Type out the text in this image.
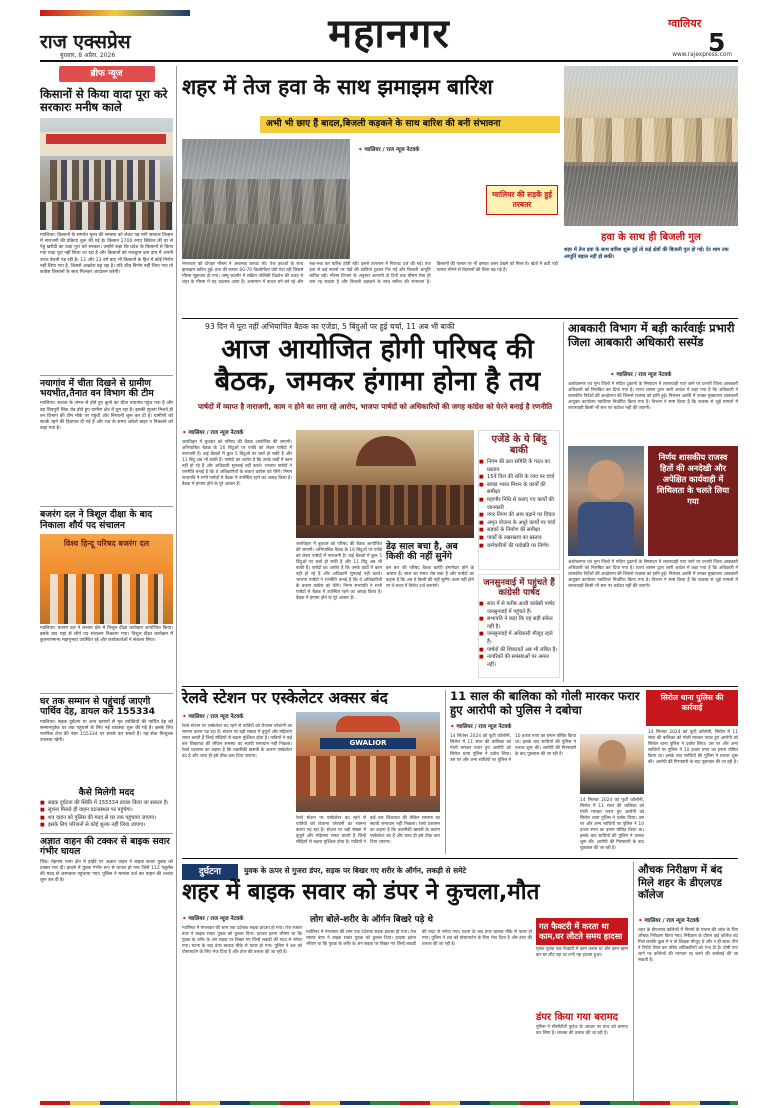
राज एक्सप्रेस
बुधवार, 8 अप्रैल, 2026	महानगर	www.rajexpress.com
ग्वालियर
5
ब्रीफ न्यूज
किसानों से किया वादा पूरा करे सरकारः मनीष काले
ग्वालियर। किसानों के समर्थन मूल्य की समस्या को लेकर यह मांगें सरकार तिल्हन में नाराजगी की प्रक्रिया शुरू की गई है। किसान 2700 रुपए क्विंटल की दर से गेहूं खरीदी का वादा पूरा करे सरकार। उन्होंने कहा कि प्रदेश के किसानों से किया गया वादा पूरा नहीं किया जा रहा है और किसानों को मजबूरन कम दाम में अपनी उपज बेचनी पड़ रही है। 12 और 13 वर्ष बाद भी किसानों के हित में कोई निर्णय नहीं लिया गया है, जिससे आक्रोश बढ़ रहा है। यदि शीघ्र निर्णय नहीं लिया गया तो कांग्रेस किसानों के साथ मिलकर आंदोलन करेगी।
नयागांव में चीता दिखने से ग्रामीण भयभीत,तैनात वन विभाग की टीम
ग्वालियर। सटाक के जंगल से होते हुए कूनो का चीता नयागांव पहुंच गया है और वह शिवपुरी लिंक रोड होते हुए ग्रामीण क्षेत्र में घूम रहा है। इसकी सूचना मिलते ही वन विभाग की टीम मौके पर पहुंची और निगरानी शुरू कर दी है। ग्रामीणों को सतर्क रहने की हिदायत दी गई है और रात के समय अकेले बाहर न निकलने को कहा गया है।
बजरंग दल ने त्रिशूल दीक्षा के बाद निकाला शौर्य पद संचालन
विश्व हिन्दू परिषद बजरंग दल
ग्वालियर। बजरंग दल ने लश्कर क्षेत्र में त्रिशूल दीक्षा कार्यक्रम आयोजित किया। इसके बाद यहां से शौर्य पद संचालन निकाला गया। त्रिशूल दीक्षा कार्यक्रम में कुलगणमान्य महानुभाव उपस्थित रहे और कार्यकर्ताओं ने संकल्प लिया।
घर तक सम्मान से पहुंचाई जाएगी पार्थिव देह, डायल करें 155334
ग्वालियर। सड़क दुर्घटना या अन्य कारणों से मृत व्यक्तियों की पार्थिव देह को सम्मानपूर्वक घर तक पहुंचाने के लिए नई व्यवस्था शुरू की गई है। इसके लिए नागरिक टोल फ्री नंबर 155334 पर संपर्क कर सकते हैं। यह सेवा निःशुल्क उपलब्ध रहेगी।
कैसे मिलेगी मदद
■ सड़क दुर्घटना की स्थिति में 155334 डायल किया जा सकता है।
■ सूचना मिलते ही वाहन घटनास्थल पर पहुंचेगा।
■ शव वाहन को पुलिस की मदद से घर तक पहुंचाया जाएगा।
■ इसके लिए परिजनों से कोई शुल्क नहीं लिया जाएगा।
अज्ञात वाहन की टक्कर से बाइक सवार गंभीर घायल
भिंड। मेहगांव थाना क्षेत्र में हाईवे पर अज्ञात वाहन ने बाइक सवार युवक को टक्कर मार दी। हादसे में युवक गंभीर रूप से घायल हो गया जिसे 112 एंबुलेंस की मदद से अस्पताल पहुंचाया गया। पुलिस ने मामला दर्ज कर वाहन की तलाश शुरू कर दी है।
शहर में तेज हवा के साथ झमाझम बारिश
अभी भी छाए हैं बादल,बिजली कड़कने के साथ बारिश की बनी संभावना
✦ ग्वालियर / राज न्यूज नेटवर्क
मंगलवार को दोपहर मौसम ने अचानक करवट ली। तेज हवाओं के साथ झमाझम बारिश हुई। हवा की रफ्तार 60-70 किलोमीटर प्रति घंटा रही जिससे मौसम सुहावना हो गया। जम्मू कश्मीर में सक्रिय पश्चिमी विक्षोभ की वजह से शहर के मौसम में यह बदलाव आया है। आसमान में बादल घने बने रहे और रुक-रुक कर बारिश होती रही। इससे तापमान में गिरावट दर्ज की गई। तेज हवा से कई स्थानों पर पेड़ों की डालियां टूटकर गिर गईं और बिजली आपूर्ति बाधित रही। मौसम विभाग के अनुसार आगामी दो दिनों तक मौसम ऐसा ही बना रह सकता है और बिजली कड़कने के साथ बारिश की संभावना है। किसानों की फसल पर भी इसका असर देखने को मिला है। खेतों में कटी पड़ी फसल भीगने से किसानों की चिंता बढ़ गई है।
ग्वालियर की सड़कें हुई तरबतर
हवा के साथ ही बिजली गुल
शहर में तेज हवा के साथ बारिश शुरू हुई तो कई क्षेत्रों की बिजली गुल हो गई। देर शाम तक आपूर्ति बहाल नहीं हो सकी।
93 दिन में पूरा नहीं अभियाचित बैठक का एजेंडा, 5 बिंदुओं पर हुई चर्चा, 11 अब भी बाकी
आज आयोजित होगी परिषद की बैठक, जमकर हंगामा होना है तय
पार्षदों में व्याप्त है नाराजगी, काम न होने का लगा रहे आरोप, भाजपा पार्षदों को अधिकारियों की जगह कांग्रेस को घेरने बनाई है रणनीति
✦ ग्वालियर / राज न्यूज नेटवर्क
जलविहार में बुधवार को परिषद की बैठक आयोजित की जाएगी। अभियाचित बैठक के 16 बिंदुओं पर एजेंडे को लेकर पार्षदों में नाराजगी है। कई बैठकों में कुल 5 बिंदुओं पर चर्चा हो सकी है और 11 बिंदु अब भी बाकी हैं। पार्षदों का आरोप है कि उनके वार्डों में काम नहीं हो रहे हैं और अधिकारी सुनवाई नहीं करते। भाजपा पार्षदों ने रणनीति बनाई है कि वे अधिकारियों के बजाय कांग्रेस को घेरेंगे। निगम सभापति ने सभी पार्षदों से बैठक में उपस्थित रहने का आग्रह किया है। बैठक में हंगामा होने के पूरे आसार हैं।
जलविहार में बुधवार को परिषद की बैठक आयोजित की जाएगी। अभियाचित बैठक के 16 बिंदुओं पर एजेंडे को लेकर पार्षदों में नाराजगी है। कई बैठकों में कुल 5 बिंदुओं पर चर्चा हो सकी है और 11 बिंदु अब भी बाकी हैं। पार्षदों का आरोप है कि उनके वार्डों में काम नहीं हो रहे हैं और अधिकारी सुनवाई नहीं करते। भाजपा पार्षदों ने रणनीति बनाई है कि वे अधिकारियों के बजाय कांग्रेस को घेरेंगे। निगम सभापति ने सभी पार्षदों से बैठक में उपस्थित रहने का आग्रह किया है। बैठक में हंगामा होने के पूरे आसार हैं।
डेढ़ साल बचा है, अब किसी की नहीं सुनेंगे
इस बार की परिषद बैठक काफी हंगामेदार होने के आसार हैं। साल का समय शेष बचा है और पार्षदों का कहना है कि अब वे किसी की नहीं सुनेंगे। काम नहीं होने पर वे सदन में विरोध दर्ज कराएंगे।
एजेंडे के ये बिंदु बाकी
■ निगम की क्रय समिति के गठन का प्रस्ताव
■ 15वें वित्त की राशि के व्यय पर चर्चा
■ स्वच्छ भारत मिशन के कार्यों की समीक्षा
■ महापौर निधि से कराए गए कार्यों की जानकारी
■ नगर निगम की आय बढ़ाने पर विचार
■ अमृत योजना के अधूरे कार्यों पर चर्चा
■ सड़कों के निर्माण की समीक्षा
■ पार्कों के रखरखाव का प्रस्ताव
■ कर्मचारियों की पदोन्नति पर निर्णय
जनसुनवाई में पहुंचते हैं कांग्रेसी पार्षद
■ सात में से करीब आधी कांग्रेसी पार्षद जनसुनवाई में पहुंचते हैं।
■ सभापति ने कहा कि यह सही संकेत नहीं है।
■ जनसुनवाई में अधिकारी मौजूद रहते हैं।
■ पार्षदों की शिकायतें अब भी लंबित हैं।
■ नागरिकों की समस्याओं पर अमल नहीं।
आबकारी विभाग में बड़ी कार्रवाईः प्रभारी जिला आबकारी अधिकारी सस्पेंड
✦ ग्वालियर / राज न्यूज नेटवर्क
अशोकनगर एवं गुना जिलों में मदिरा दुकानों के निष्पादन में लापरवाही पाए जाने पर प्रभारी जिला आबकारी अधिकारी को निलंबित कर दिया गया है। राज्य शासन द्वारा जारी आदेश में कहा गया है कि अधिकारी ने शासकीय निर्देशों की अवहेलना की जिससे राजस्व को हानि हुई। निलंबन अवधि में उनका मुख्यालय आबकारी आयुक्त कार्यालय ग्वालियर निर्धारित किया गया है। विभाग ने स्पष्ट किया है कि राजस्व से जुड़े मामलों में लापरवाही किसी भी स्तर पर बर्दाश्त नहीं की जाएगी।
निर्णय शासकीय राजस्व हितों की अनदेखी और अपेक्षित कार्यवाही में शिथिलता के चलते लिया गया
अशोकनगर एवं गुना जिलों में मदिरा दुकानों के निष्पादन में लापरवाही पाए जाने पर प्रभारी जिला आबकारी अधिकारी को निलंबित कर दिया गया है। राज्य शासन द्वारा जारी आदेश में कहा गया है कि अधिकारी ने शासकीय निर्देशों की अवहेलना की जिससे राजस्व को हानि हुई। निलंबन अवधि में उनका मुख्यालय आबकारी आयुक्त कार्यालय ग्वालियर निर्धारित किया गया है। विभाग ने स्पष्ट किया है कि राजस्व से जुड़े मामलों में लापरवाही किसी भी स्तर पर बर्दाश्त नहीं की जाएगी।
रेलवे स्टेशन पर एस्केलेटर अक्सर बंद
✦ ग्वालियर / राज न्यूज नेटवर्क
रेलवे स्टेशन पर एस्केलेटर बंद रहने से यात्रियों को रोजाना परेशानी का सामना करना पड़ रहा है। स्टेशन पर बड़ी संख्या में बुजुर्ग और महिलाएं सफर करती हैं जिन्हें सीढ़ियों से चढ़ना मुश्किल होता है। यात्रियों ने कई बार शिकायत की लेकिन समस्या का स्थायी समाधान नहीं निकला। रेलवे प्रशासन का कहना है कि तकनीकी खराबी के कारण एस्केलेटर बंद है और जल्द ही इसे ठीक करा दिया जाएगा।
GWALIOR
रेलवे स्टेशन पर एस्केलेटर बंद रहने से यात्रियों को रोजाना परेशानी का सामना करना पड़ रहा है। स्टेशन पर बड़ी संख्या में बुजुर्ग और महिलाएं सफर करती हैं जिन्हें सीढ़ियों से चढ़ना मुश्किल होता है। यात्रियों ने कई बार शिकायत की लेकिन समस्या का स्थायी समाधान नहीं निकला। रेलवे प्रशासन का कहना है कि तकनीकी खराबी के कारण एस्केलेटर बंद है और जल्द ही इसे ठीक करा दिया जाएगा।
11 साल की बालिका को गोली मारकर फरार हुए आरोपी को पुलिस ने दबोचा
सिरोल थाना पुलिस की कार्रवाई
✦ ग्वालियर / राज न्यूज नेटवर्क
14 सितंबर 2024 को फूटी कॉलोनी, सिरोल में 11 साल की बालिका को गोली मारकर फरार हुए आरोपी को सिरोल थाना पुलिस ने दबोच लिया। उस पर और अन्य साथियों पर पुलिस ने 10 हजार रुपए का इनाम घोषित किया था। इसके बाद साथियों की पुलिस ने तलाश शुरू की। आरोपी की गिरफ्तारी के बाद पूछताछ की जा रही है।
14 सितंबर 2024 को फूटी कॉलोनी, सिरोल में 11 साल की बालिका को गोली मारकर फरार हुए आरोपी को सिरोल थाना पुलिस ने दबोच लिया। उस पर और अन्य साथियों पर पुलिस ने 10 हजार रुपए का इनाम घोषित किया था। इसके बाद साथियों की पुलिस ने तलाश शुरू की। आरोपी की गिरफ्तारी के बाद पूछताछ की जा रही है।
14 सितंबर 2024 को फूटी कॉलोनी, सिरोल में 11 साल की बालिका को गोली मारकर फरार हुए आरोपी को सिरोल थाना पुलिस ने दबोच लिया। उस पर और अन्य साथियों पर पुलिस ने 10 हजार रुपए का इनाम घोषित किया था। इसके बाद साथियों की पुलिस ने तलाश शुरू की। आरोपी की गिरफ्तारी के बाद पूछताछ की जा रही है।
दुर्घटना	युवक के ऊपर से गुजरा डंपर, सड़क पर बिखर गए शरीर के ऑर्गन, लकड़ी से समेटे
शहर में बाइक सवार को डंपर ने कुचला,मौत
✦ ग्वालियर / राज न्यूज नेटवर्क	लोग बोले-शरीर के ऑर्गन बिखरे पड़े थे
ग्वालियर में मंगलवार की शाम एक दर्दनाक सड़क हादसा हो गया। तेज रफ्तार डंपर ने बाइक सवार युवक को कुचल दिया। हादसा इतना भीषण था कि युवक के शरीर के अंग सड़क पर बिखर गए जिन्हें लकड़ी की मदद से समेटा गया। घटना के बाद डंपर चालक मौके से फरार हो गया। पुलिस ने शव को पोस्टमार्टम के लिए भेज दिया है और डंपर की तलाश की जा रही है।
ग्वालियर में मंगलवार की शाम एक दर्दनाक सड़क हादसा हो गया। तेज रफ्तार डंपर ने बाइक सवार युवक को कुचल दिया। हादसा इतना भीषण था कि युवक के शरीर के अंग सड़क पर बिखर गए जिन्हें लकड़ी की मदद से समेटा गया। घटना के बाद डंपर चालक मौके से फरार हो गया। पुलिस ने शव को पोस्टमार्टम के लिए भेज दिया है और डंपर की तलाश की जा रही है।
गत फैक्टरी में करता था काम,घर लौटते समय हादसा
मृतक युवक एक फैक्टरी में काम करता था और काम खत्म कर घर लौट रहा था तभी यह हादसा हुआ।
डंपर किया गया बरामद
पुलिस ने सीसीटीवी फुटेज के आधार पर डंपर को बरामद कर लिया है। चालक की तलाश की जा रही है।
औचक निरीक्षण में बंद मिले शहर के डीएलएड कॉलेज
✦ ग्वालियर / राज न्यूज नेटवर्क
शहर के डीएलएड कॉलेजों में नियमों के पालन की जांच के लिए औचक निरीक्षण किया गया। निरीक्षण के दौरान कई कॉलेज बंद मिले जबकि कुछ में न तो शिक्षक मौजूद थे और न ही छात्र। टीम ने रिपोर्ट तैयार कर वरिष्ठ अधिकारियों को भेज दी है। दोषी पाए जाने पर कॉलेजों की मान्यता रद्द करने की कार्रवाई की जा सकती है।
